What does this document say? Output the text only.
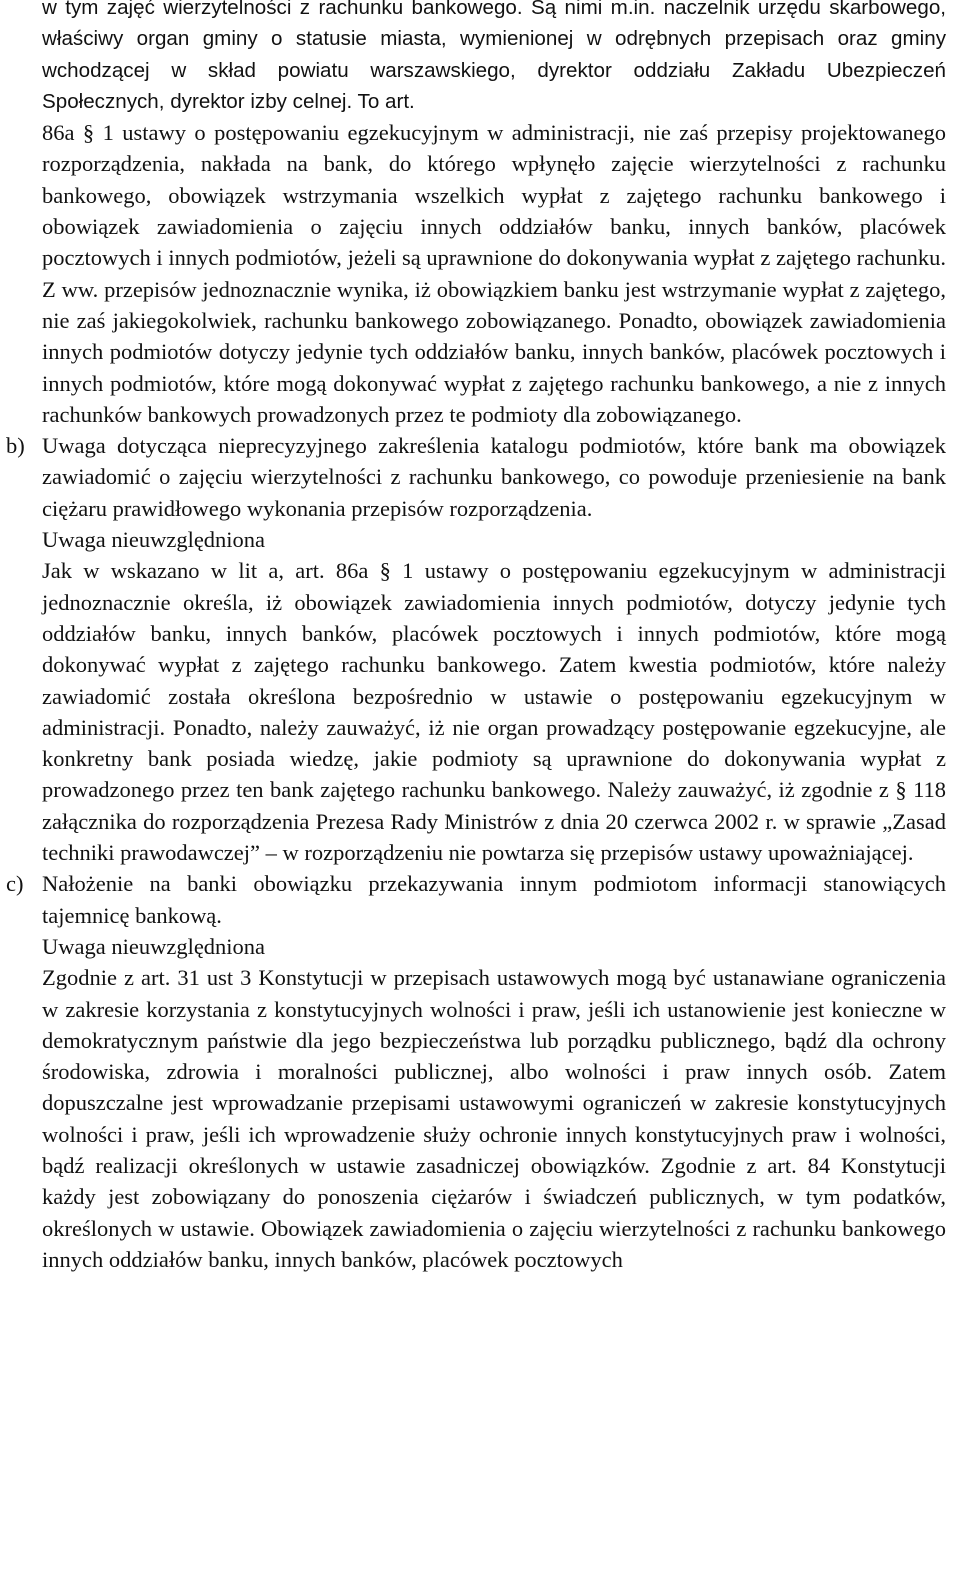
w tym zajęć wierzytelności z rachunku bankowego. Są nimi m.in. naczelnik urzędu skarbowego, właściwy organ gminy o statusie miasta, wymienionej w odrębnych przepisach oraz gminy wchodzącej w skład powiatu warszawskiego, dyrektor oddziału Zakładu Ubezpieczeń Społecznych, dyrektor izby celnej. To art.

86a § 1 ustawy o postępowaniu egzekucyjnym w administracji, nie zaś przepisy projektowanego rozporządzenia, nakłada na bank, do którego wpłynęło zajęcie wierzytelności z rachunku bankowego, obowiązek wstrzymania wszelkich wypłat z zajętego rachunku bankowego i obowiązek zawiadomienia o zajęciu innych oddziałów banku, innych banków, placówek pocztowych i innych podmiotów, jeżeli są uprawnione do dokonywania wypłat z zajętego rachunku. Z ww. przepisów jednoznacznie wynika, iż obowiązkiem banku jest wstrzymanie wypłat z zajętego, nie zaś jakiegokolwiek, rachunku bankowego zobowiązanego. Ponadto, obowiązek zawiadomienia innych podmiotów dotyczy jedynie tych oddziałów banku, innych banków, placówek pocztowych i innych podmiotów, które mogą dokonywać wypłat z zajętego rachunku bankowego, a nie z innych rachunków bankowych prowadzonych przez te podmioty dla zobowiązanego.

b) Uwaga dotycząca nieprecyzyjnego zakreślenia katalogu podmiotów, które bank ma obowiązek zawiadomić o zajęciu wierzytelności z rachunku bankowego, co powoduje przeniesienie na bank ciężaru prawidłowego wykonania przepisów rozporządzenia.

Uwaga nieuwzględniona

Jak w wskazano w lit a, art. 86a § 1 ustawy o postępowaniu egzekucyjnym w administracji jednoznacznie określa, iż obowiązek zawiadomienia innych podmiotów, dotyczy jedynie tych oddziałów banku, innych banków, placówek pocztowych i innych podmiotów, które mogą dokonywać wypłat z zajętego rachunku bankowego. Zatem kwestia podmiotów, które należy zawiadomić została określona bezpośrednio w ustawie o postępowaniu egzekucyjnym w administracji. Ponadto, należy zauważyć, iż nie organ prowadzący postępowanie egzekucyjne, ale konkretny bank posiada wiedzę, jakie podmioty są uprawnione do dokonywania wypłat z prowadzonego przez ten bank zajętego rachunku bankowego. Należy zauważyć, iż zgodnie z § 118 załącznika do rozporządzenia Prezesa Rady Ministrów z dnia 20 czerwca 2002 r. w sprawie „Zasad techniki prawodawczej” – w rozporządzeniu nie powtarza się przepisów ustawy upoważniającej.

c) Nałożenie na banki obowiązku przekazywania innym podmiotom informacji stanowiących tajemnicę bankową.

Uwaga nieuwzględniona

Zgodnie z art. 31 ust 3 Konstytucji w przepisach ustawowych mogą być ustanawiane ograniczenia w zakresie korzystania z konstytucyjnych wolności i praw, jeśli ich ustanowienie jest konieczne w demokratycznym państwie dla jego bezpieczeństwa lub porządku publicznego, bądź dla ochrony środowiska, zdrowia i moralności publicznej, albo wolności i praw innych osób. Zatem dopuszczalne jest wprowadzanie przepisami ustawowymi ograniczeń w zakresie konstytucyjnych wolności i praw, jeśli ich wprowadzenie służy ochronie innych konstytucyjnych praw i wolności, bądź realizacji określonych w ustawie zasadniczej obowiązków. Zgodnie z art. 84 Konstytucji każdy jest zobowiązany do ponoszenia ciężarów i świadczeń publicznych, w tym podatków, określonych w ustawie. Obowiązek zawiadomienia o zajęciu wierzytelności z rachunku bankowego innych oddziałów banku, innych banków, placówek pocztowych
